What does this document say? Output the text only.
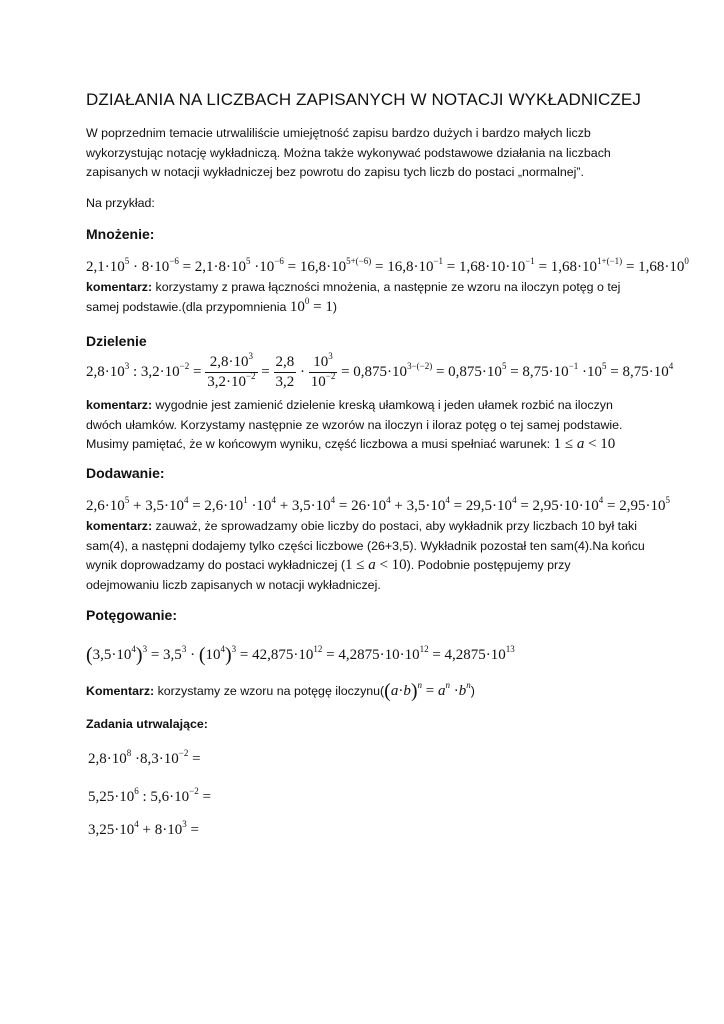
DZIAŁANIA NA LICZBACH ZAPISANYCH W NOTACJI WYKŁADNICZEJ
W poprzednim temacie utrwaliliście umiejętność zapisu bardzo dużych i bardzo małych liczb
wykorzystując notację wykładniczą. Można także wykonywać podstawowe działania na liczbach
zapisanych w notacji wykładniczej bez powrotu do zapisu tych liczb do postaci „normalnej”.
Na przykład:
Mnożenie:
$2,1\cdot 10^5 \cdot 8\cdot 10^{-6} = 2,1\cdot 8\cdot 10^5 \cdot 10^{-6} = 16,8\cdot 10^{5+(-6)} = 16,8\cdot 10^{-1} = 1,68\cdot 10\cdot 10^{-1} = 1,68\cdot 10^{1+(-1)} = 1,68\cdot 10^0$
komentarz: korzystamy z prawa łączności mnożenia, a następnie ze wzoru na iloczyn potęg o tej
samej podstawie.(dla przypomnienia $10^0 = 1$)
Dzielenie
$2,8\cdot 10^3$ : $3,2\cdot 10^{-2} = \frac{2,8\cdot 10^3}{3,2\cdot 10^{-2}} = \frac{2,8}{3,2} \cdot \frac{10^3}{10^{-2}} = 0,875\cdot 10^{3-(-2)} = 0,875\cdot 10^5 = 8,75\cdot 10^{-1} \cdot 10^5 = 8,75\cdot 10^4$
komentarz: wygodnie jest zamienić dzielenie kreską ułamkową i jeden ułamek rozbić na iloczyn
dwóch ułamków. Korzystamy następnie ze wzorów na iloczyn i iloraz potęg o tej samej podstawie.
Musimy pamiętać, że w końcowym wyniku, część liczbowa a musi spełniać warunek: 1 ≤ a < 10
Dodawanie:
$2,6\cdot 10^5 + 3,5\cdot 10^4 = 2,6\cdot 10^1 \cdot 10^4 + 3,5\cdot 10^4 = 26\cdot 10^4 + 3,5\cdot 10^4 = 29,5\cdot 10^4 = 2,95\cdot 10\cdot 10^4 = 2,95\cdot 10^5$
komentarz: zauważ, że sprowadzamy obie liczby do postaci, aby wykładnik przy liczbach 10 był taki
sam(4), a następni dodajemy tylko części liczbowe (26+3,5). Wykładnik pozostał ten sam(4).Na końcu
wynik doprowadzamy do postaci wykładniczej (1 ≤ a < 10). Podobnie postępujemy przy
odejmowaniu liczb zapisanych w notacji wykładniczej.
Potęgowanie:
$(3,5\cdot 10^4)^3 = 3,5^3 \cdot (10^4)^3 = 42,875\cdot 10^{12} = 4,2875\cdot 10\cdot 10^{12} = 4,2875\cdot 10^{13}$
Komentarz: korzystamy ze wzoru na potęgę $iloczynu((a\cdot b)^n = a^n \cdot b^n)$
Zadania utrwalające:
$2,8\cdot 10^8 \cdot 8,3\cdot 10^{-2}$ =
$5,25\cdot 10^6$ : $5,6\cdot 10^{-2}$ =
$3,25\cdot 10^4 + 8\cdot 10^3$ =
